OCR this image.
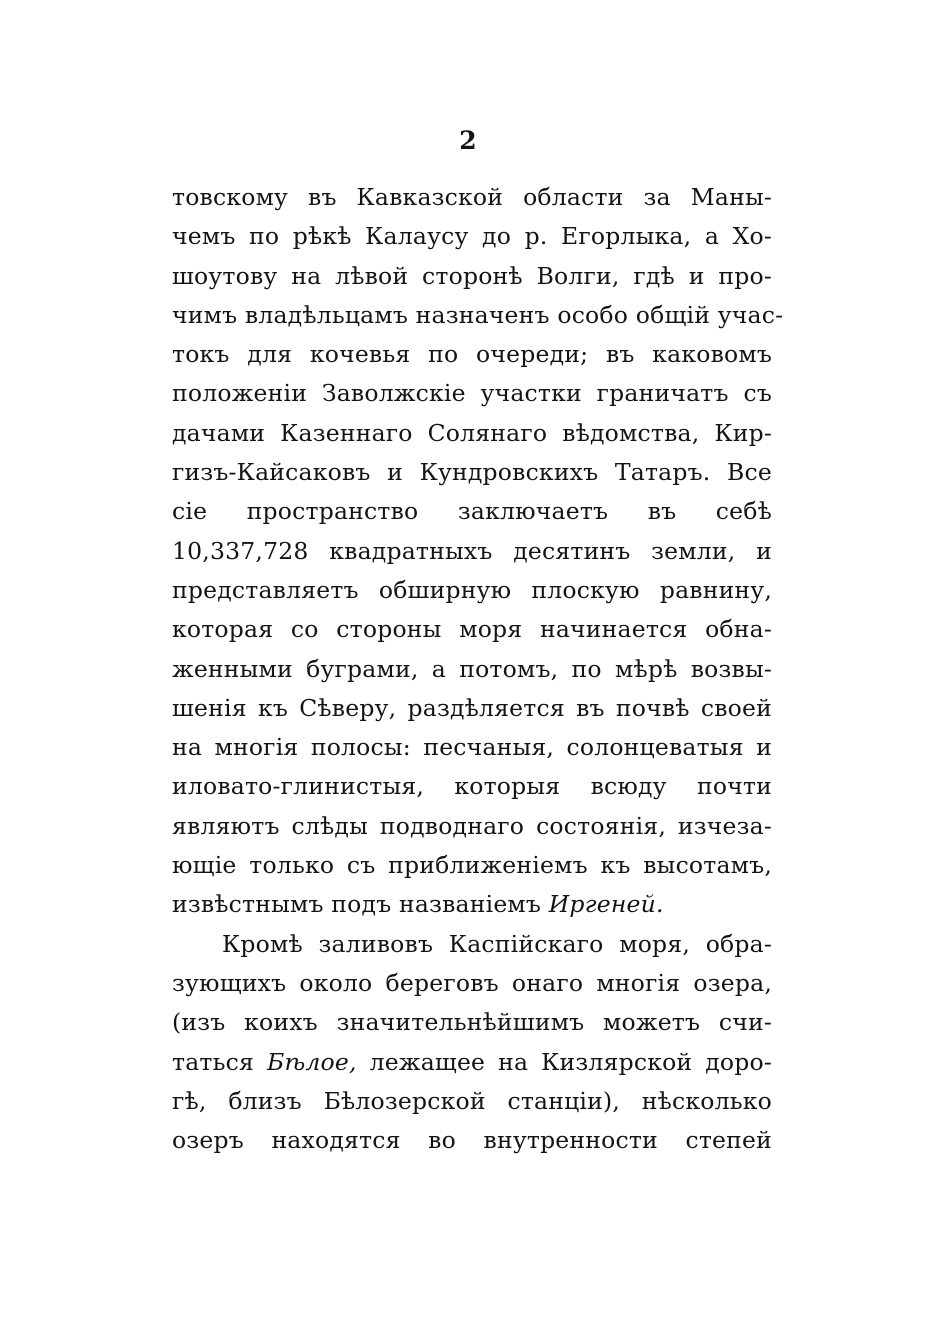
2
товскому въ Кавказской области за Маны-
чемъ по рѣкѣ Калаусу до р. Егорлыка, а Хо-
шоутову на лѣвой сторонѣ Волги, гдѣ и про-
чимъ владѣльцамъ назначенъ особо общій учас-
токъ для кочевья по очереди; въ каковомъ
положеніи Заволжскіе участки граничатъ съ
дачами Казеннаго Солянаго вѣдомства, Кир-
гизъ-Кайсаковъ и Кундровскихъ Татаръ. Все
сіе пространство заключаетъ въ себѣ
10,337,728 квадратныхъ десятинъ земли, и
представляетъ обширную плоскую равнину,
которая со стороны моря начинается обна-
женными буграми, а потомъ, по мѣрѣ возвы-
шенія къ Сѣверу, раздѣляется въ почвѣ своей
на многія полосы: песчаныя, солонцеватыя и
иловато-глинистыя, которыя всюду почти
являютъ слѣды подводнаго состоянія, изчеза-
ющіе только съ приближеніемъ къ высотамъ,
извѣстнымъ подъ названіемъ Иргеней.
Кромѣ заливовъ Каспійскаго моря, обра-
зующихъ около береговъ онаго многія озера,
(изъ коихъ значительнѣйшимъ можетъ счи-
таться Бѣлое, лежащее на Кизлярской доро-
гѣ, близъ Бѣлозерской станціи), нѣсколько
озеръ находятся во внутренности степей
